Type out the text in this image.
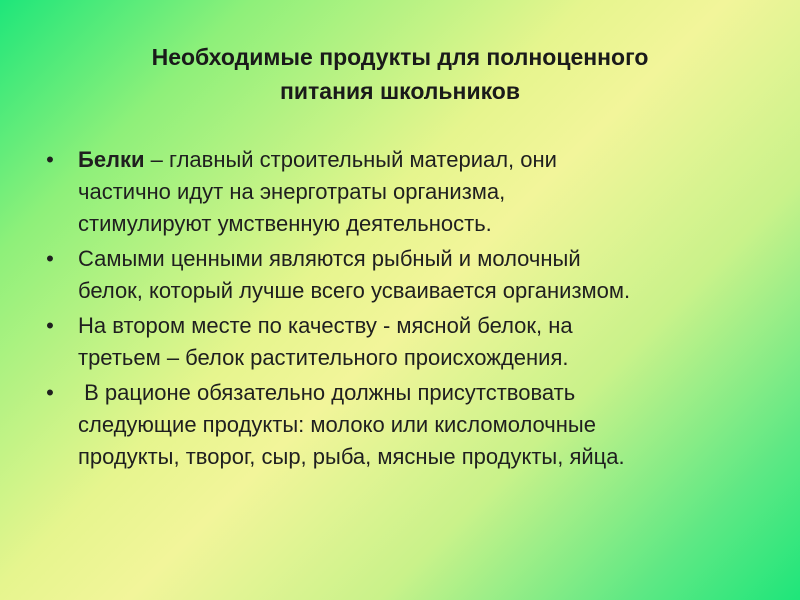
Необходимые продукты для полноценного
питания школьников
• Белки – главный строительный материал, они
частично идут на энерготраты организма,
стимулируют умственную деятельность.
• Самыми ценными являются рыбный и молочный
белок, который лучше всего усваивается организмом.
• На втором месте по качеству - мясной белок, на
третьем – белок растительного происхождения.
• В рационе обязательно должны присутствовать
следующие продукты: молоко или кисломолочные
продукты, творог, сыр, рыба, мясные продукты, яйца.
